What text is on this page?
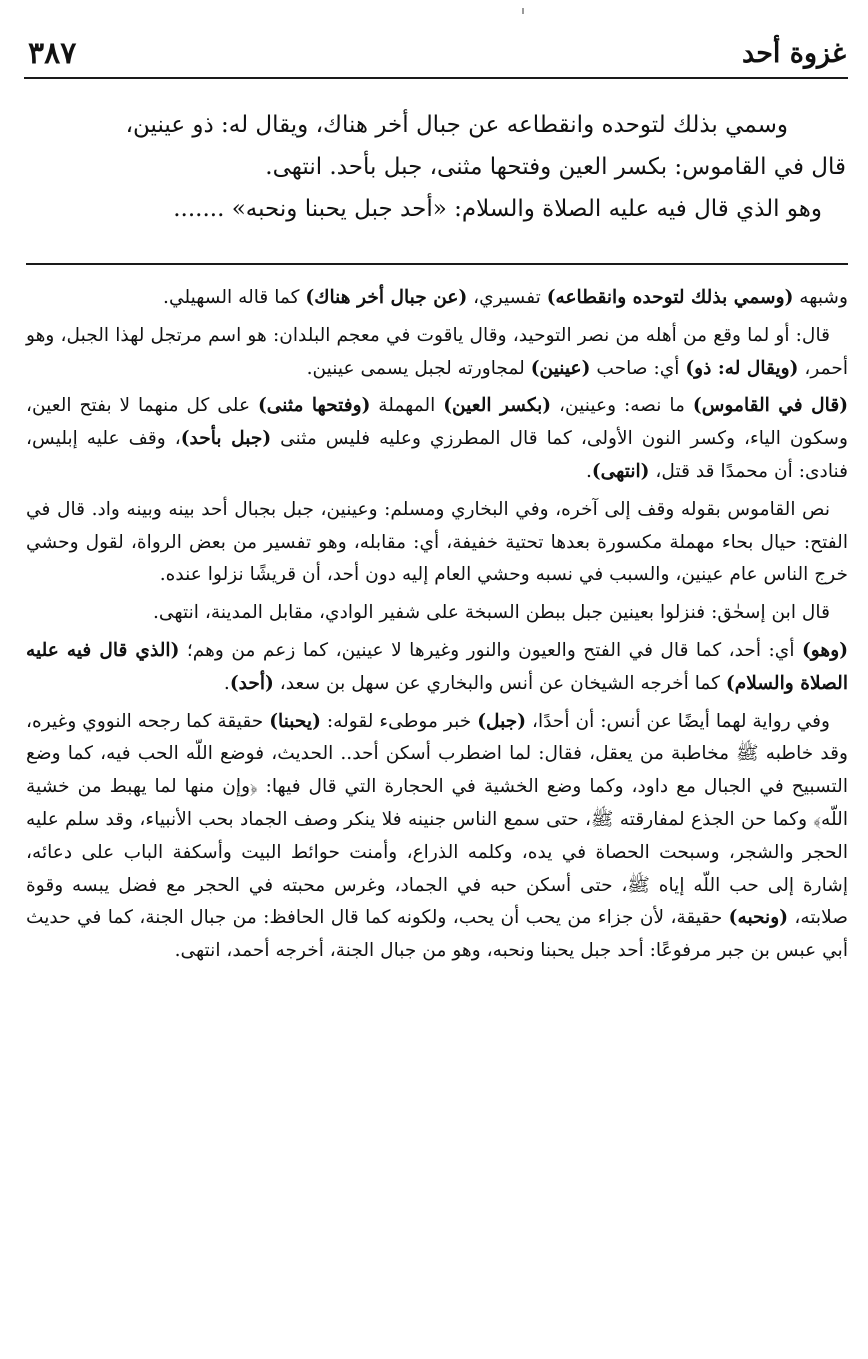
غزوة أحد
٣٨٧

وسمي بذلك لتوحده وانقطاعه عن جبال أخر هناك، ويقال له: ذو عينين،

قال في القاموس: بكسر العين وفتحها مثنى، جبل بأحد. انتهى.

وهو الذي قال فيه عليه الصلاة والسلام: «أحد جبل يحبنا ونحبه» .......

وشبهه (وسمي بذلك لتوحده وانقطاعه) تفسيري، (عن جبال أخر هناك) كما قاله السهيلي.

قال: أو لما وقع من أهله من نصر التوحيد، وقال ياقوت في معجم البلدان: هو اسم مرتجل لهذا الجبل، وهو أحمر، (ويقال له: ذو) أي: صاحب (عينين) لمجاورته لجبل يسمى عينين.

(قال في القاموس) ما نصه: وعينين، (بكسر العين) المهملة (وفتحها مثنى) على كل منهما لا بفتح العين، وسكون الياء، وكسر النون الأولى، كما قال المطرزي وعليه فليس مثنى (جبل بأحد)، وقف عليه إبليس، فنادى: أن محمدًا قد قتل، (انتهى).

نص القاموس بقوله وقف إلى آخره، وفي البخاري ومسلم: وعينين، جبل بجبال أحد بينه وبينه واد. قال في الفتح: حيال بحاء مهملة مكسورة بعدها تحتية خفيفة، أي: مقابله، وهو تفسير من بعض الرواة، لقول وحشي خرج الناس عام عينين، والسبب في نسبه وحشي العام إليه دون أحد، أن قريشًا نزلوا عنده.

قال ابن إسحٰق: فنزلوا بعينين جبل ببطن السبخة على شفير الوادي، مقابل المدينة، انتهى.

(وهو) أي: أحد، كما قال في الفتح والعيون والنور وغيرها لا عينين، كما زعم من وهم؛ (الذي قال فيه عليه الصلاة والسلام) كما أخرجه الشيخان عن أنس والبخاري عن سهل بن سعد، (أحد).

وفي رواية لهما أيضًا عن أنس: أن أحدًا، (جبل) خبر موطىء لقوله: (يحبنا) حقيقة كما رجحه النووي وغيره، وقد خاطبه ﷺ مخاطبة من يعقل، فقال: لما اضطرب أسكن أحد.. الحديث، فوضع اللّه الحب فيه، كما وضع التسبيح في الجبال مع داود، وكما وضع الخشية في الحجارة التي قال فيها: ﴿وإن منها لما يهبط من خشية اللّه﴾ وكما حن الجذع لمفارقته ﷺ، حتى سمع الناس جنينه فلا ينكر وصف الجماد بحب الأنبياء، وقد سلم عليه الحجر والشجر، وسبحت الحصاة في يده، وكلمه الذراع، وأمنت حوائط البيت وأسكفة الباب على دعائه، إشارة إلى حب اللّه إياه ﷺ، حتى أسكن حبه في الجماد، وغرس محبته في الحجر مع فضل يبسه وقوة صلابته، (ونحبه) حقيقة، لأن جزاء من يحب أن يحب، ولكونه كما قال الحافظ: من جبال الجنة، كما في حديث أبي عبس بن جبر مرفوعًا: أحد جبل يحبنا ونحبه، وهو من جبال الجنة، أخرجه أحمد، انتهى.
